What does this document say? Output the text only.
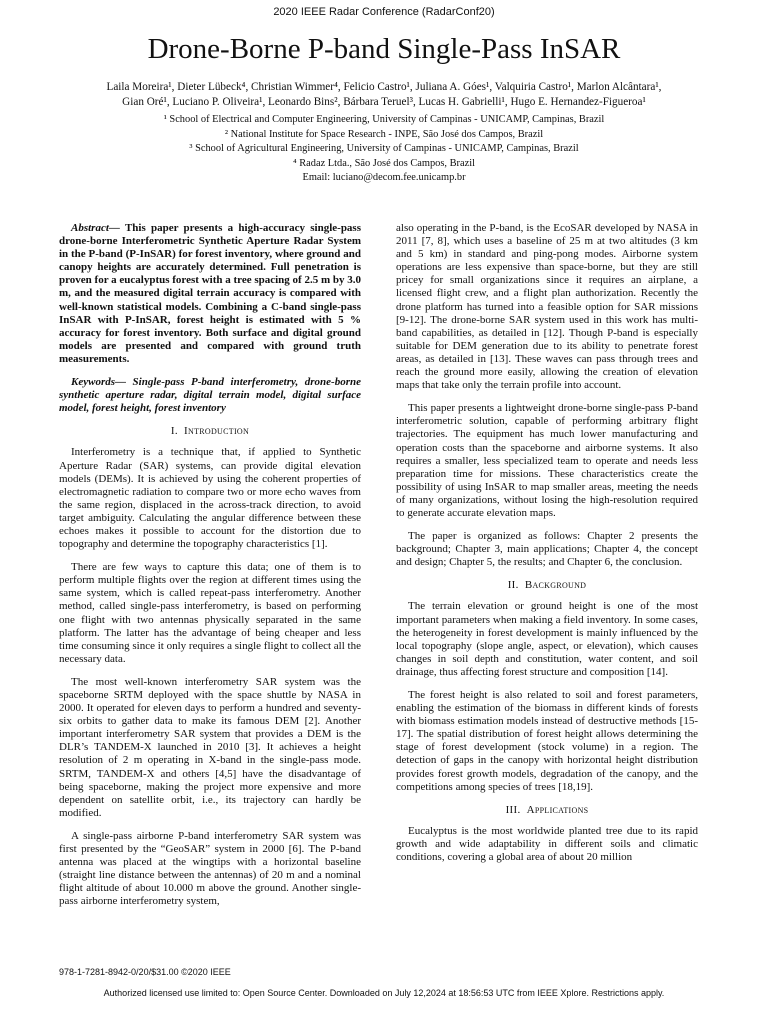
2020 IEEE Radar Conference (RadarConf20)
Drone-Borne P-band Single-Pass InSAR
Laila Moreira¹, Dieter Lübeck⁴, Christian Wimmer⁴, Felicio Castro¹, Juliana A. Góes¹, Valquiria Castro¹, Marlon Alcântara¹,
Gian Oré¹, Luciano P. Oliveira¹, Leonardo Bins², Bárbara Teruel³, Lucas H. Gabrielli¹, Hugo E. Hernandez-Figueroa¹
¹ School of Electrical and Computer Engineering, University of Campinas - UNICAMP, Campinas, Brazil
² National Institute for Space Research - INPE, São José dos Campos, Brazil
³ School of Agricultural Engineering, University of Campinas - UNICAMP, Campinas, Brazil
⁴ Radaz Ltda., São José dos Campos, Brazil
Email: luciano@decom.fee.unicamp.br

Abstract— This paper presents a high-accuracy single-pass drone-borne Interferometric Synthetic Aperture Radar System in the P-band (P-InSAR) for forest inventory, where ground and canopy heights are accurately determined. Full penetration is proven for a eucalyptus forest with a tree spacing of 2.5 m by 3.0 m, and the measured digital terrain accuracy is compared with well-known statistical models. Combining a C-band single-pass InSAR with P-InSAR, forest height is estimated with 5 % accuracy for forest inventory. Both surface and digital ground models are presented and compared with ground truth measurements.

Keywords— Single-pass P-band interferometry, drone-borne synthetic aperture radar, digital terrain model, digital surface model, forest height, forest inventory

I. Introduction

Interferometry is a technique that, if applied to Synthetic Aperture Radar (SAR) systems, can provide digital elevation models (DEMs). It is achieved by using the coherent properties of electromagnetic radiation to compare two or more echo waves from the same region, displaced in the across-track direction, to avoid target ambiguity. Calculating the angular difference between these echoes makes it possible to account for the distortion due to topography and determine the topography characteristics [1].

There are few ways to capture this data; one of them is to perform multiple flights over the region at different times using the same system, which is called repeat-pass interferometry. Another method, called single-pass interferometry, is based on performing one flight with two antennas physically separated in the same platform. The latter has the advantage of being cheaper and less time consuming since it only requires a single flight to collect all the necessary data.

The most well-known interferometry SAR system was the spaceborne SRTM deployed with the space shuttle by NASA in 2000. It operated for eleven days to perform a hundred and seventy-six orbits to gather data to make its famous DEM [2]. Another important interferometry SAR system that provides a DEM is the DLR’s TANDEM-X launched in 2010 [3]. It achieves a height resolution of 2 m operating in X-band in the single-pass mode. SRTM, TANDEM-X and others [4,5] have the disadvantage of being spaceborne, making the project more expensive and more dependent on satellite orbit, i.e., its trajectory can hardly be modified.

A single-pass airborne P-band interferometry SAR system was first presented by the “GeoSAR” system in 2000 [6]. The P-band antenna was placed at the wingtips with a horizontal baseline (straight line distance between the antennas) of 20 m and a nominal flight altitude of about 10.000 m above the ground. Another single-pass airborne interferometry system,

also operating in the P-band, is the EcoSAR developed by NASA in 2011 [7, 8], which uses a baseline of 25 m at two altitudes (3 km and 5 km) in standard and ping-pong modes. Airborne system operations are less expensive than space-borne, but they are still pricey for small organizations since it requires an airplane, a licensed flight crew, and a flight plan authorization. Recently the drone platform has turned into a feasible option for SAR missions [9-12]. The drone-borne SAR system used in this work has multi-band capabilities, as detailed in [12]. Though P-band is especially suitable for DEM generation due to its ability to penetrate forest areas, as detailed in [13]. These waves can pass through trees and reach the ground more easily, allowing the creation of elevation maps that take only the terrain profile into account.

This paper presents a lightweight drone-borne single-pass P-band interferometric solution, capable of performing arbitrary flight trajectories. The equipment has much lower manufacturing and operation costs than the spaceborne and airborne systems. It also requires a smaller, less specialized team to operate and needs less preparation time for missions. These characteristics create the possibility of using InSAR to map smaller areas, meeting the needs of many organizations, without losing the high-resolution required to generate accurate elevation maps.

The paper is organized as follows: Chapter 2 presents the background; Chapter 3, main applications; Chapter 4, the concept and design; Chapter 5, the results; and Chapter 6, the conclusion.

II. Background

The terrain elevation or ground height is one of the most important parameters when making a field inventory. In some cases, the heterogeneity in forest development is mainly influenced by the local topography (slope angle, aspect, or elevation), which causes changes in soil depth and constitution, water content, and soil drainage, thus affecting forest structure and composition [14].

The forest height is also related to soil and forest parameters, enabling the estimation of the biomass in different kinds of forests with biomass estimation models instead of destructive methods [15-17]. The spatial distribution of forest height allows determining the stage of forest development (stock volume) in a region. The detection of gaps in the canopy with horizontal height distribution provides forest growth models, degradation of the canopy, and the competitions among species of trees [18,19].

III. Applications

Eucalyptus is the most worldwide planted tree due to its rapid growth and wide adaptability in different soils and climatic conditions, covering a global area of about 20 million

978-1-7281-8942-0/20/$31.00 ©2020 IEEE
Authorized licensed use limited to: Open Source Center. Downloaded on July 12,2024 at 18:56:53 UTC from IEEE Xplore. Restrictions apply.
